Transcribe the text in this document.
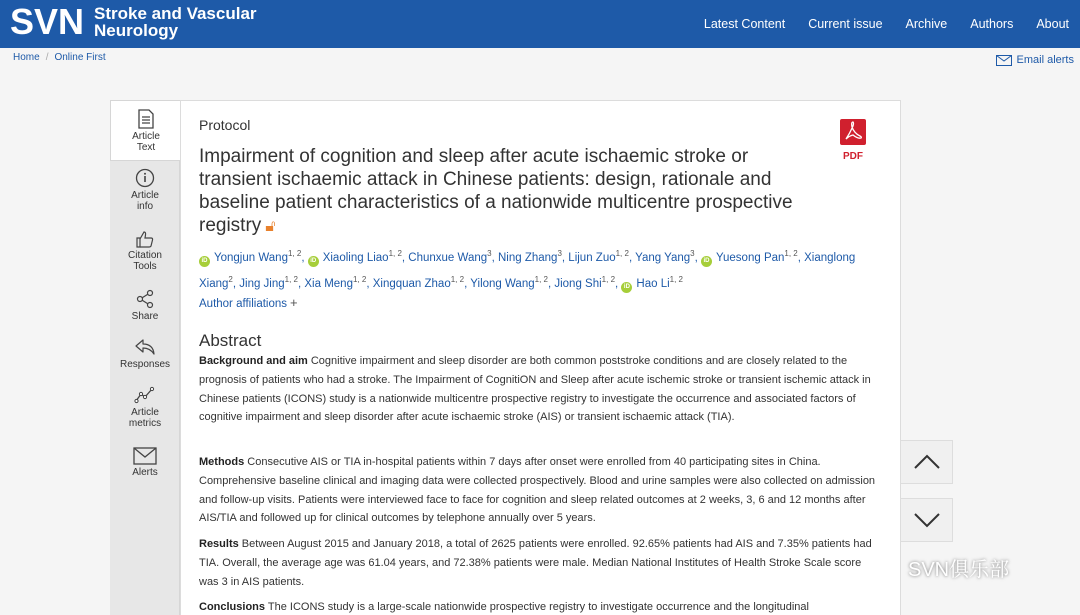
SVN Stroke and Vascular
Neurology	Latest Content Current issue Archive Authors About
Home / Online First	Email alerts
Article
Text
Article
info
Citation
Tools
Share
Responses
Article
metrics
Alerts
Protocol
PDF
Impairment of cognition and sleep after acute ischaemic stroke or transient ischaemic attack in Chinese patients: design, rationale and baseline patient characteristics of a nationwide multicentre prospective registry 🔓︎
iD Yongjun Wang$^{1, 2}$, iD Xiaoling Liao$^{1, 2}$, Chunxue Wang$^3$, Ning Zhang$^3$, Lijun Zuo$^{1, 2}$, Yang Yang$^3$, iD Yuesong Pan$^{1, 2}$, Xianglong Xiang$^2$, Jing Jing$^{1, 2}$, Xia Meng$^{1, 2}$, Xingquan Zhao$^{1, 2}$, Yilong Wang$^{1, 2}$, Jiong Shi$^{1, 2}$, iD Hao Li$^{1, 2}$
Author affiliations +
Abstract
Background and aim Cognitive impairment and sleep disorder are both common poststroke conditions and are closely related to the prognosis of patients who had a stroke. The Impairment of CognitiON and Sleep after acute ischemic stroke or transient ischemic attack in Chinese patients (ICONS) study is a nationwide multicentre prospective registry to investigate the occurrence and associated factors of cognitive impairment and sleep disorder after acute ischaemic stroke (AIS) or transient ischaemic attack (TIA).
Methods Consecutive AIS or TIA in-hospital patients within 7 days after onset were enrolled from 40 participating sites in China. Comprehensive baseline clinical and imaging data were collected prospectively. Blood and urine samples were also collected on admission and follow-up visits. Patients were interviewed face to face for cognition and sleep related outcomes at 2 weeks, 3, 6 and 12 months after AIS/TIA and followed up for clinical outcomes by telephone annually over 5 years.
Results Between August 2015 and January 2018, a total of 2625 patients were enrolled. 92.65% patients had AIS and 7.35% patients had TIA. Overall, the average age was 61.04 years, and 72.38% patients were male. Median National Institutes of Health Stroke Scale score was 3 in AIS patients.
Conclusions The ICONS study is a large-scale nationwide prospective registry to investigate occurrence and the longitudinal
SVN俱乐部
